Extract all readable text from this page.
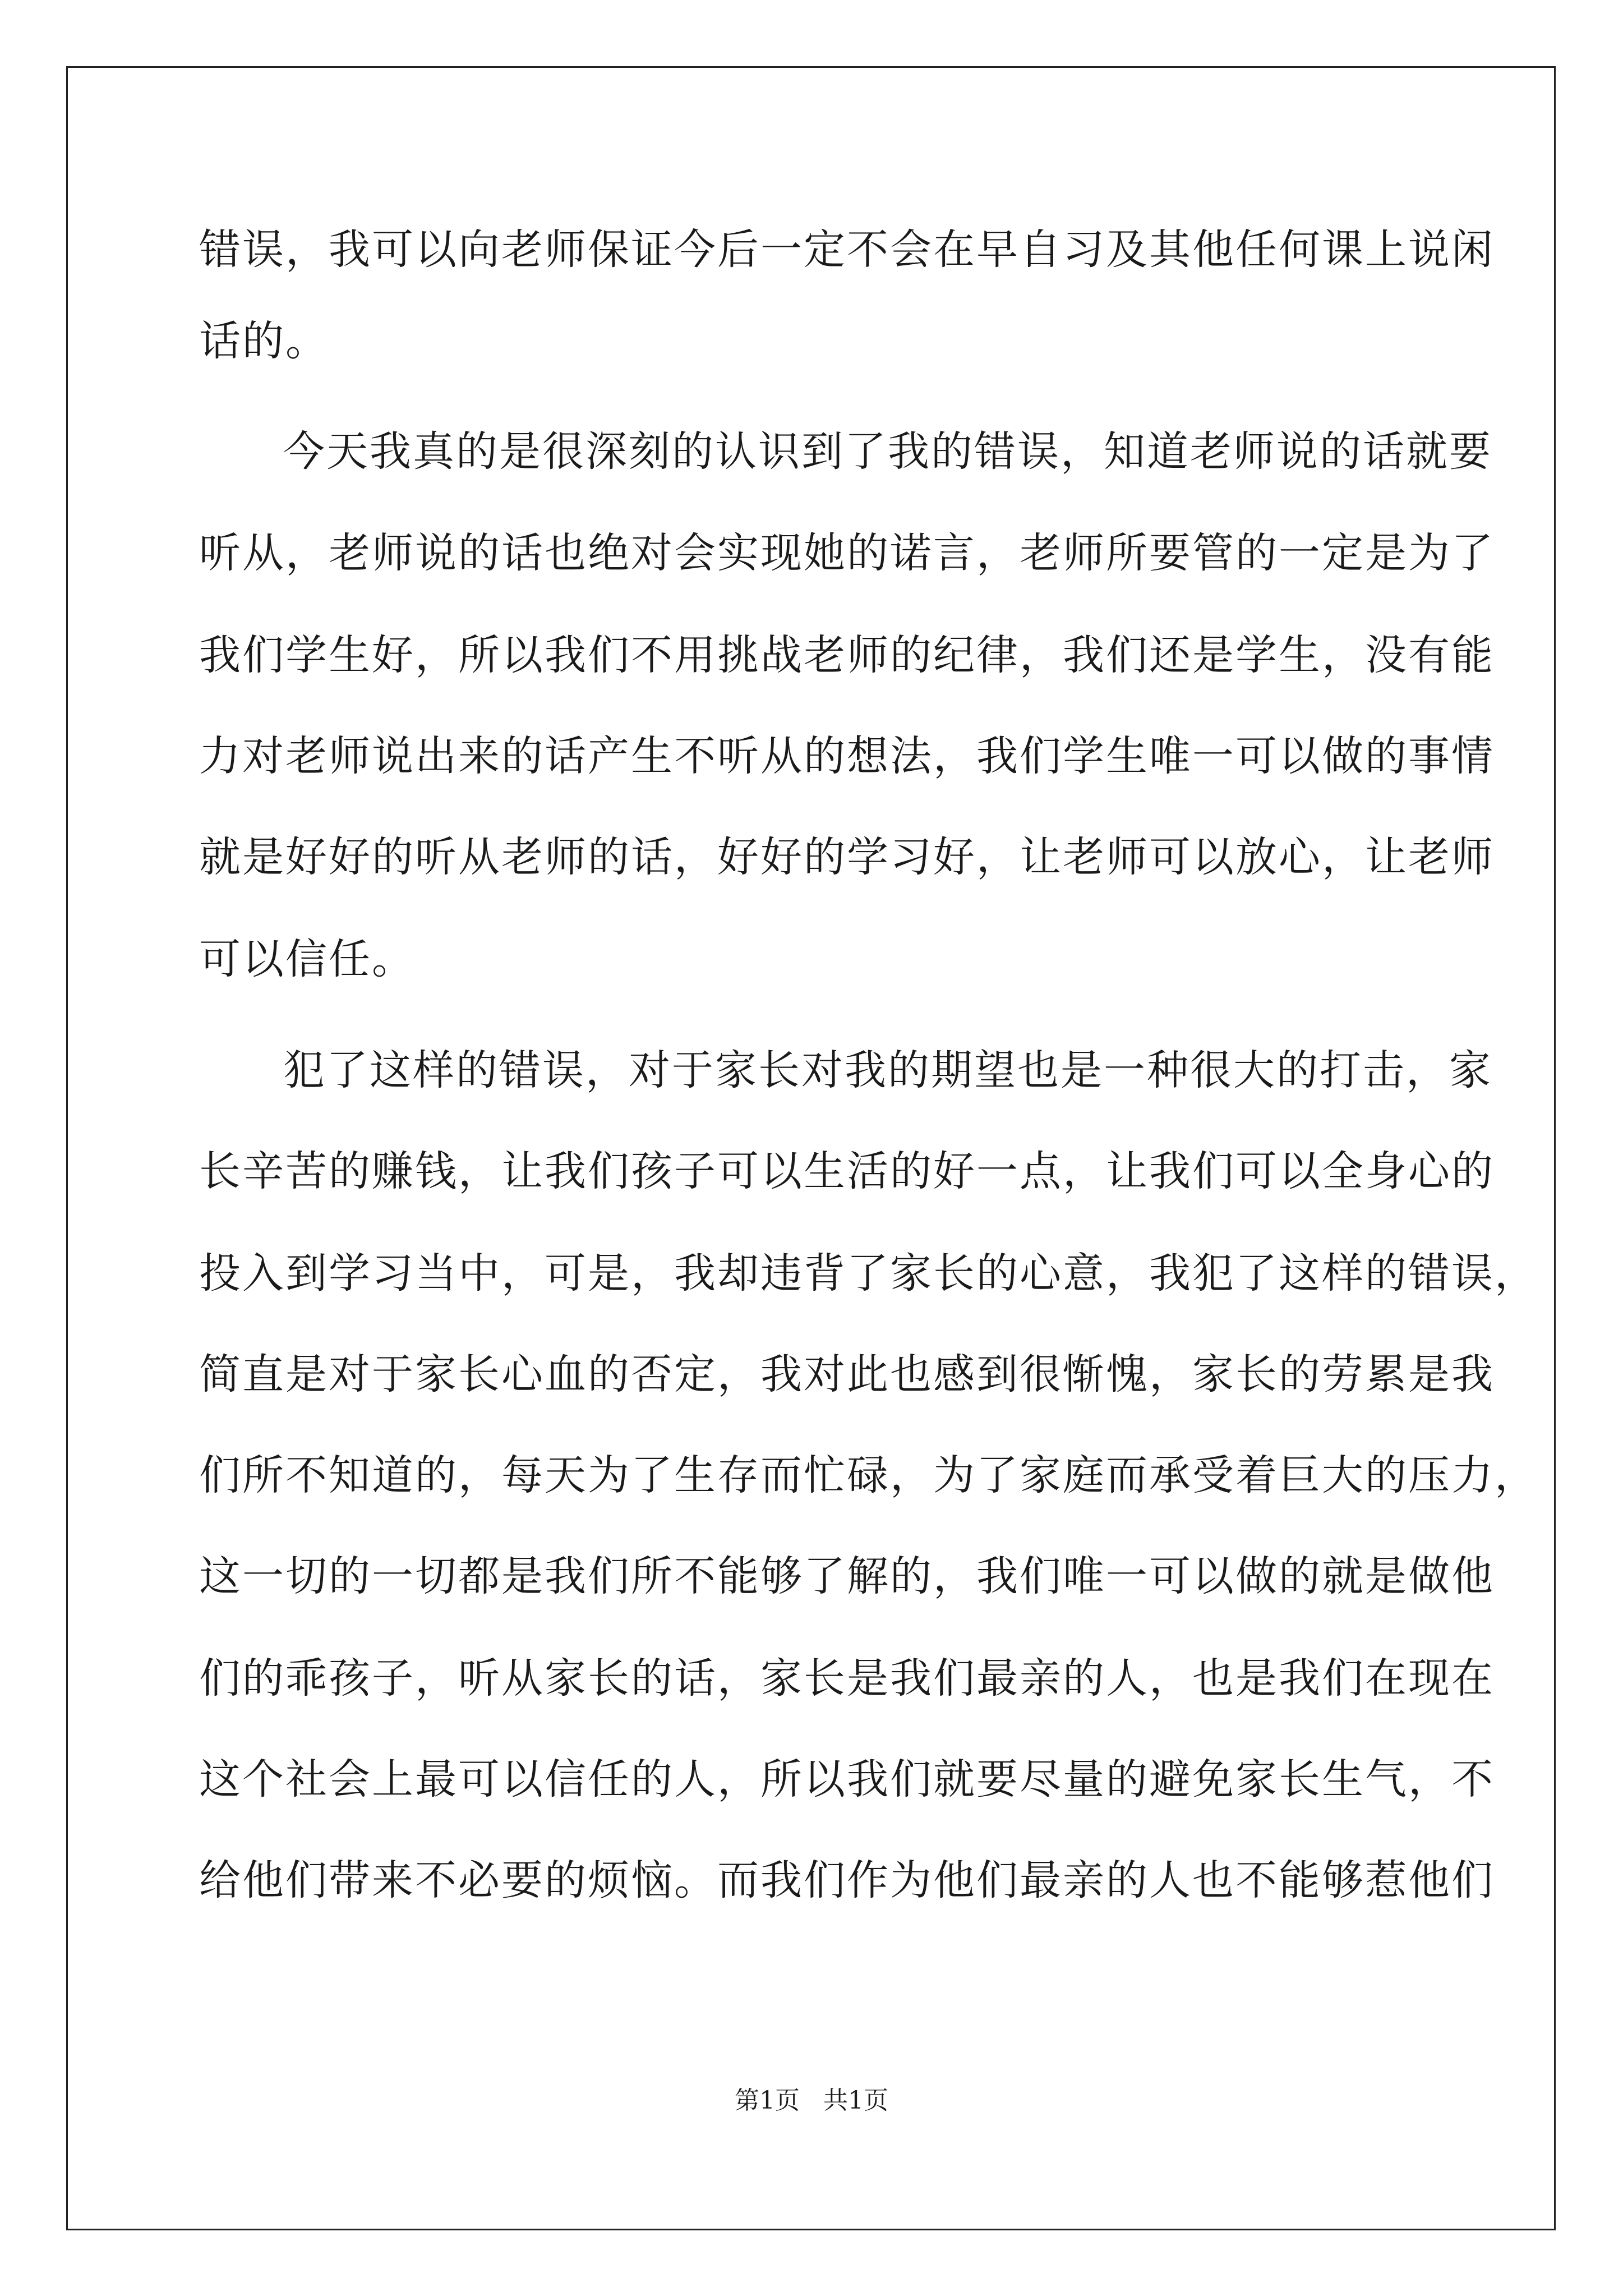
错误，我可以向老师保证今后一定不会在早自习及其他任何课上说闲
话的。
今天我真的是很深刻的认识到了我的错误，知道老师说的话就要
听从，老师说的话也绝对会实现她的诺言，老师所要管的一定是为了
我们学生好，所以我们不用挑战老师的纪律，我们还是学生，没有能
力对老师说出来的话产生不听从的想法，我们学生唯一可以做的事情
就是好好的听从老师的话，好好的学习好，让老师可以放心，让老师
可以信任。
犯了这样的错误，对于家长对我的期望也是一种很大的打击，家
长辛苦的赚钱，让我们孩子可以生活的好一点，让我们可以全身心的
投入到学习当中，可是，我却违背了家长的心意，我犯了这样的错误，
简直是对于家长心血的否定，我对此也感到很惭愧，家长的劳累是我
们所不知道的，每天为了生存而忙碌，为了家庭而承受着巨大的压力，
这一切的一切都是我们所不能够了解的，我们唯一可以做的就是做他
们的乖孩子，听从家长的话，家长是我们最亲的人，也是我们在现在
这个社会上最可以信任的人，所以我们就要尽量的避免家长生气，不
给他们带来不必要的烦恼。而我们作为他们最亲的人也不能够惹他们
第1页   共1页
